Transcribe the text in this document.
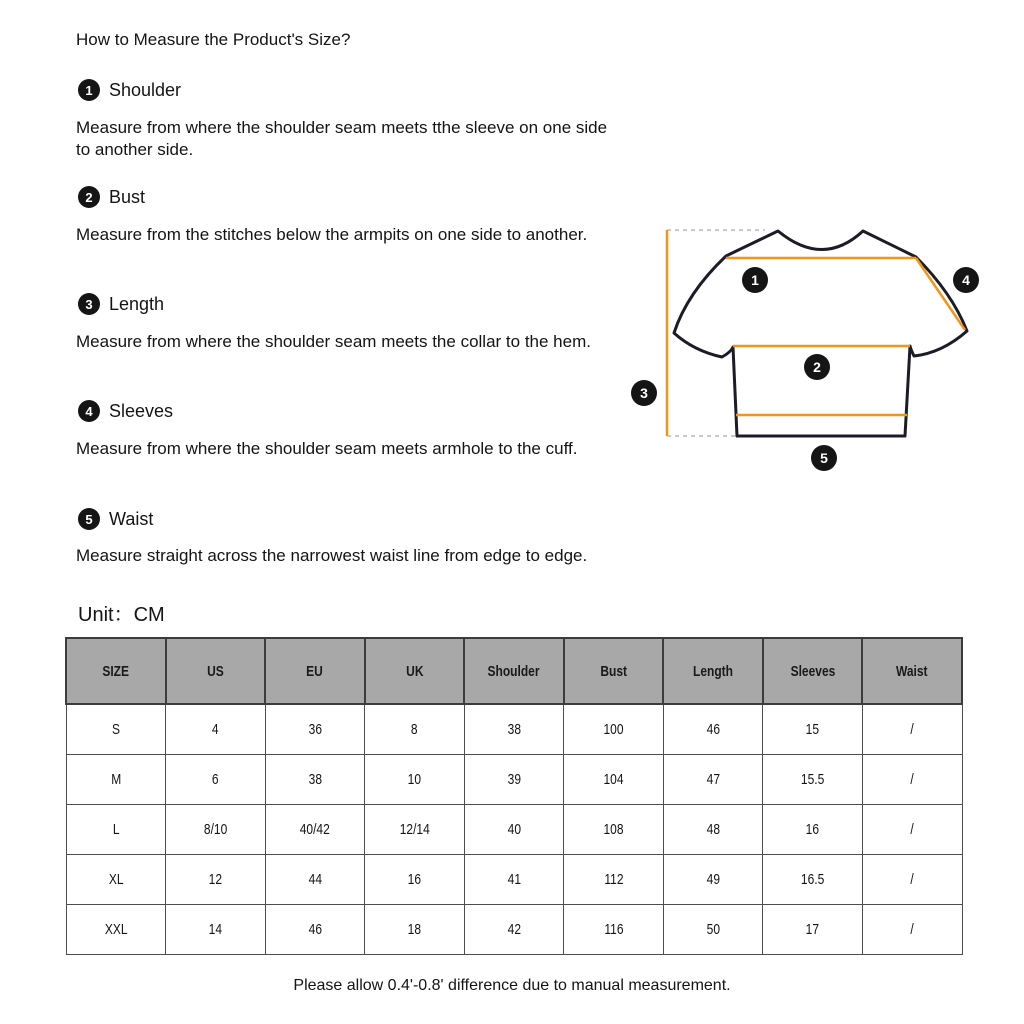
How to Measure the Product's Size?
1 Shoulder
Measure from where the shoulder seam meets tthe sleeve on one side to another side.
2 Bust
Measure from the stitches below the armpits on one side to another.
3 Length
Measure from where the shoulder seam meets the collar to the hem.
4 Sleeves
Measure from where the shoulder seam meets armhole to the cuff.
5 Waist
Measure straight across the narrowest waist line from edge to edge.
1
2
3
4
5
Unit：CM
SIZE	US	EU	UK	Shoulder	Bust	Length	Sleeves	Waist
S	4	36	8	38	100	46	15	/
M	6	38	10	39	104	47	15.5	/
L	8/10	40/42	12/14	40	108	48	16	/
XL	12	44	16	41	112	49	16.5	/
XXL	14	46	18	42	116	50	17	/
Please allow 0.4'-0.8' difference due to manual measurement.
